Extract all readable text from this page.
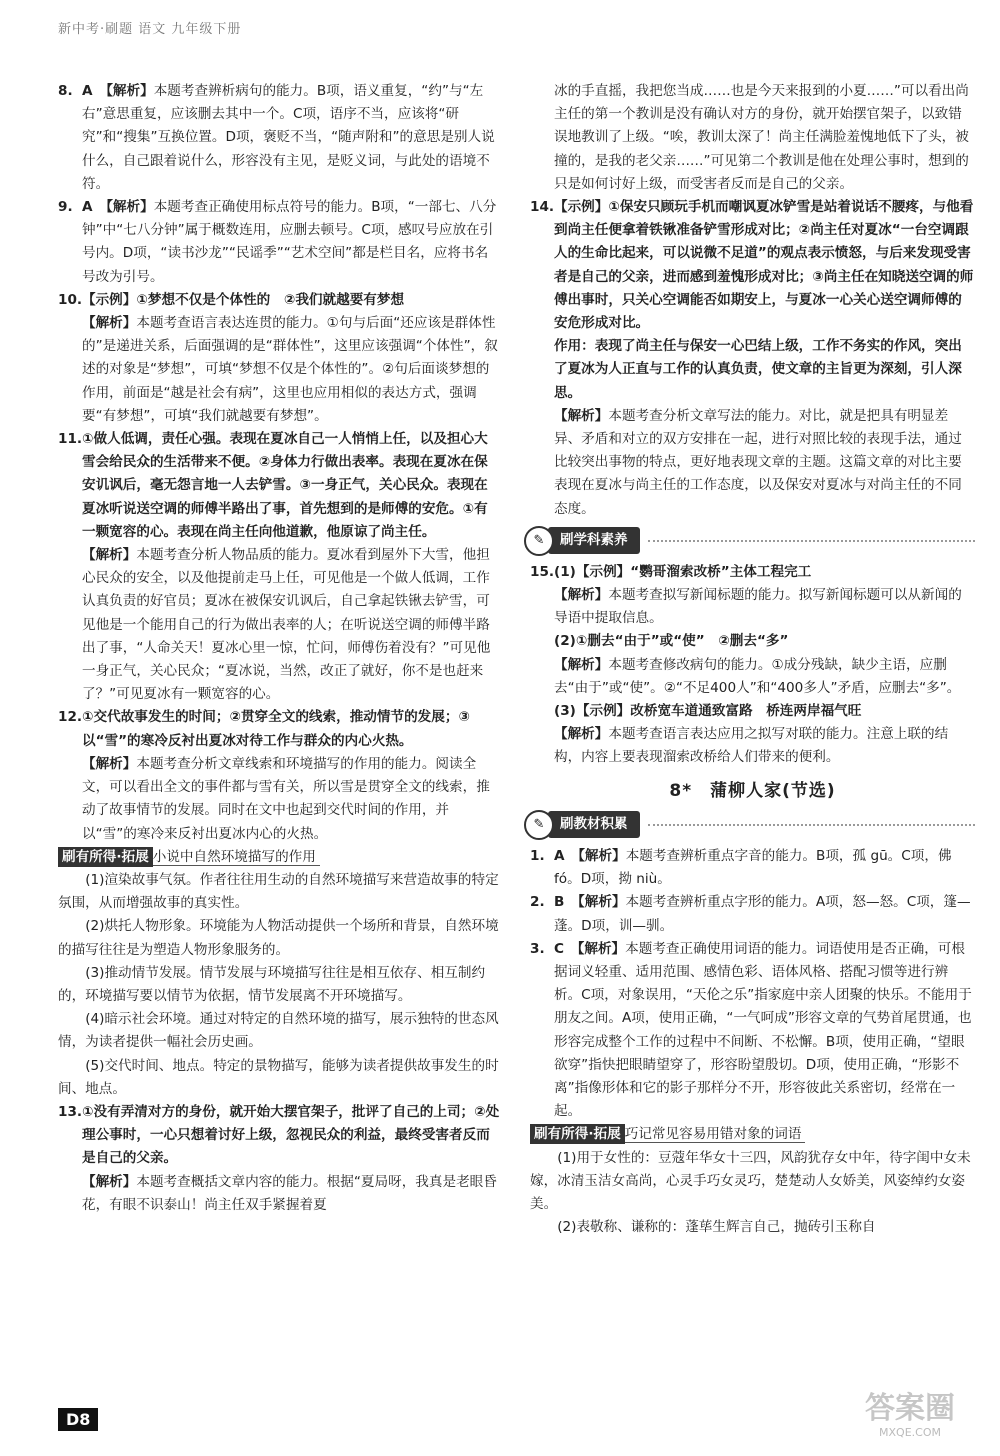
新中考·刷题 语文 九年级下册

8. A　 【解析】本题考查辨析病句的能力。B项，语义重复，“约”与“左右”意思重复，应该删去其中一个。C项，语序不当，应该将“研究”和“搜集”互换位置。D项，褒贬不当，“随声附和”的意思是别人说什么，自己跟着说什么，形容没有主见，是贬义词，与此处的语境不符。

9. A　 【解析】本题考查正确使用标点符号的能力。B项，“一部七、八分钟”中“七八分钟”属于概数连用，应删去顿号。C项，感叹号应放在引号内。D项，“读书沙龙”“民谣季”“艺术空间”都是栏目名，应将书名号改为引号。

10. 【示例】①梦想不仅是个体性的　②我们就越要有梦想

【解析】本题考查语言表达连贯的能力。①句与后面“还应该是群体性的”是递进关系，后面强调的是“群体性”，这里应该强调“个体性”，叙述的对象是“梦想”，可填“梦想不仅是个体性的”。②句后面谈梦想的作用，前面是“越是社会有病”，这里也应用相似的表达方式，强调要“有梦想”，可填“我们就越要有梦想”。

11. ①做人低调，责任心强。表现在夏冰自己一人悄悄上任，以及担心大雪会给民众的生活带来不便。②身体力行做出表率。表现在夏冰在保安讥讽后，毫无怨言地一人去铲雪。③一身正气，关心民众。表现在夏冰听说送空调的师傅半路出了事，首先想到的是师傅的安危。①有一颗宽容的心。表现在尚主任向他道歉，他原谅了尚主任。

【解析】本题考查分析人物品质的能力。夏冰看到屋外下大雪，他担心民众的安全，以及他提前走马上任，可见他是一个做人低调，工作认真负责的好官员；夏冰在被保安讥讽后，自己拿起铁锹去铲雪，可见他是一个能用自己的行为做出表率的人；在听说送空调的师傅半路出了事，“人命关天！夏冰心里一惊，忙问，师傅伤着没有？”可见他一身正气，关心民众；“夏冰说，当然，改正了就好，你不是也赶来了？”可见夏冰有一颗宽容的心。

12. ①交代故事发生的时间；②贯穿全文的线索，推动情节的发展；③以“雪”的寒冷反衬出夏冰对待工作与群众的内心火热。

【解析】本题考查分析文章线索和环境描写的作用的能力。阅读全文，可以看出全文的事件都与雪有关，所以雪是贯穿全文的线索，推动了故事情节的发展。同时在文中也起到交代时间的作用，并以“雪”的寒冷来反衬出夏冰内心的火热。

刷有所得·拓展 小说中自然环境描写的作用

(1)渲染故事气氛。作者往往用生动的自然环境描写来营造故事的特定氛围，从而增强故事的真实性。

(2)烘托人物形象。环境能为人物活动提供一个场所和背景，自然环境的描写往往是为塑造人物形象服务的。

(3)推动情节发展。情节发展与环境描写往往是相互依存、相互制约的，环境描写要以情节为依据，情节发展离不开环境描写。

(4)暗示社会环境。通过对特定的自然环境的描写，展示独特的世态风情，为读者提供一幅社会历史画。

(5)交代时间、地点。特定的景物描写，能够为读者提供故事发生的时间、地点。

13. ①没有弄清对方的身份，就开始大摆官架子，批评了自己的上司；②处理公事时，一心只想着讨好上级，忽视民众的利益，最终受害者反而是自己的父亲。

【解析】本题考查概括文章内容的能力。根据“夏局呀，我真是老眼昏花，有眼不识泰山！尚主任双手紧握着夏

冰的手直摇，我把您当成……也是今天来报到的小夏……”可以看出尚主任的第一个教训是没有确认对方的身份，就开始摆官架子，以致错误地教训了上级。“唉，教训太深了！尚主任满脸羞愧地低下了头，被撞的，是我的老父亲……”可见第二个教训是他在处理公事时，想到的只是如何讨好上级，而受害者反而是自己的父亲。

14. 【示例】①保安只顾玩手机而嘲讽夏冰铲雪是站着说话不腰疼，与他看到尚主任便拿着铁锹准备铲雪形成对比；②尚主任对夏冰“一台空调跟人的生命比起来，可以说微不足道”的观点表示愤怒，与后来发现受害者是自己的父亲，进而感到羞愧形成对比；③尚主任在知晓送空调的师傅出事时，只关心空调能否如期安上，与夏冰一心关心送空调师傅的安危形成对比。

作用：表现了尚主任与保安一心巴结上级，工作不务实的作风，突出了夏冰为人正直与工作的认真负责，使文章的主旨更为深刻，引人深思。

【解析】本题考查分析文章写法的能力。对比，就是把具有明显差异、矛盾和对立的双方安排在一起，进行对照比较的表现手法，通过比较突出事物的特点，更好地表现文章的主题。这篇文章的对比主要表现在夏冰与尚主任的工作态度，以及保安对夏冰与对尚主任的不同态度。

✎	刷学科素养
15. (1)【示例】“鹦哥溜索改桥”主体工程完工

【解析】本题考查拟写新闻标题的能力。拟写新闻标题可以从新闻的导语中提取信息。

(2)①删去“由于”或“使”　②删去“多”

【解析】本题考查修改病句的能力。①成分残缺，缺少主语，应删去“由于”或“使”。②“不足400人”和“400多人”矛盾，应删去“多”。

(3)【示例】改桥宽车道通致富路　桥连两岸福气旺

【解析】本题考查语言表达应用之拟写对联的能力。注意上联的结构，内容上要表现溜索改桥给人们带来的便利。

8*　蒲柳人家(节选)
✎	刷教材积累

1. A　 【解析】本题考查辨析重点字音的能力。B项，孤 gū。C项，佛 fó。D项，拗 niù。

2. B　 【解析】本题考查辨析重点字形的能力。A项，怒—怒。C项，篷—蓬。D项，训—驯。

3. C　 【解析】本题考查正确使用词语的能力。词语使用是否正确，可根据词义轻重、适用范围、感情色彩、语体风格、搭配习惯等进行辨析。C项，对象误用，“天伦之乐”指家庭中亲人团聚的快乐。不能用于朋友之间。A项，使用正确，“一气呵成”形容文章的气势首尾贯通，也形容完成整个工作的过程中不间断、不松懈。B项，使用正确，“望眼欲穿”指快把眼睛望穿了，形容盼望殷切。D项，使用正确，“形影不离”指像形体和它的影子那样分不开，形容彼此关系密切，经常在一起。

刷有所得·拓展 巧记常见容易用错对象的词语

(1)用于女性的：豆蔻年华女十三四，风韵犹存女中年，待字闺中女未嫁，冰清玉洁女高尚，心灵手巧女灵巧，楚楚动人女娇美，风姿绰约女姿美。

(2)表敬称、谦称的：蓬荜生辉言自己，抛砖引玉称自

D8	答案圈
MXQE.COM
